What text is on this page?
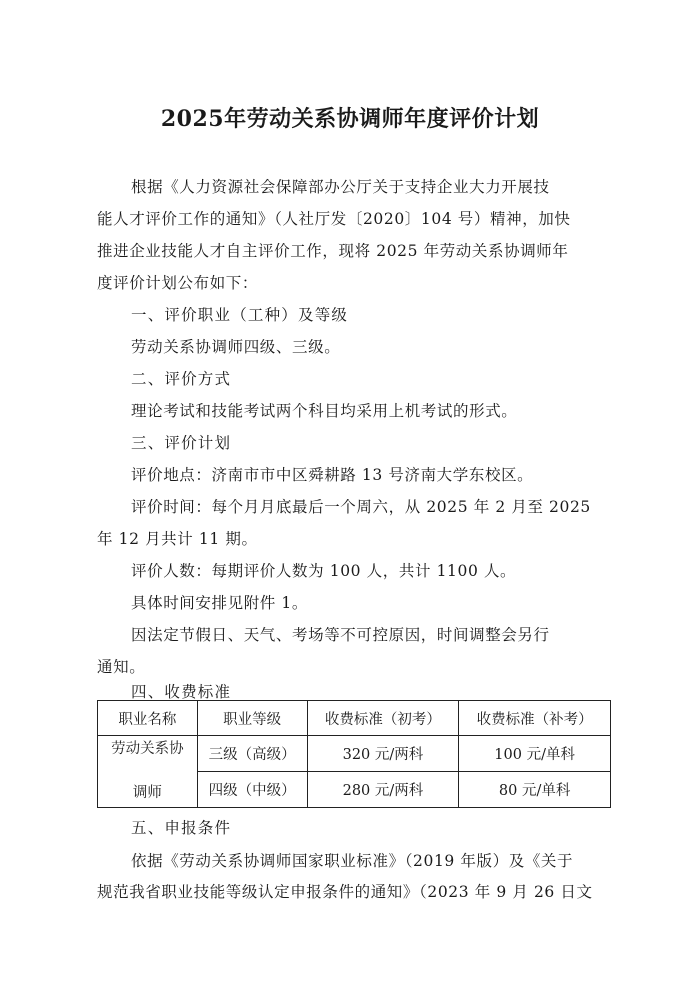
2025年劳动关系协调师年度评价计划
根据《人力资源社会保障部办公厅关于支持企业大力开展技
能人才评价工作的通知》（人社厅发〔2020〕104 号）精神，加快
推进企业技能人才自主评价工作，现将 2025 年劳动关系协调师年
度评价计划公布如下：
一、评价职业（工种）及等级
劳动关系协调师四级、三级。
二、评价方式
理论考试和技能考试两个科目均采用上机考试的形式。
三、评价计划
评价地点：济南市市中区舜耕路 13 号济南大学东校区。
评价时间：每个月月底最后一个周六，从 2025 年 2 月至 2025
年 12 月共计 11 期。
评价人数：每期评价人数为 100 人，共计 1100 人。
具体时间安排见附件 1。
因法定节假日、天气、考场等不可控原因，时间调整会另行
通知。
四、收费标准
职业名称	职业等级	收费标准（初考）	收费标准（补考）

劳动关系协
调师	三级（高级）	320 元/两科	100 元/单科
	四级（中级）	280 元/两科	80 元/单科
五、申报条件
依据《劳动关系协调师国家职业标准》（2019 年版）及《关于
规范我省职业技能等级认定申报条件的通知》（2023 年 9 月 26 日文
